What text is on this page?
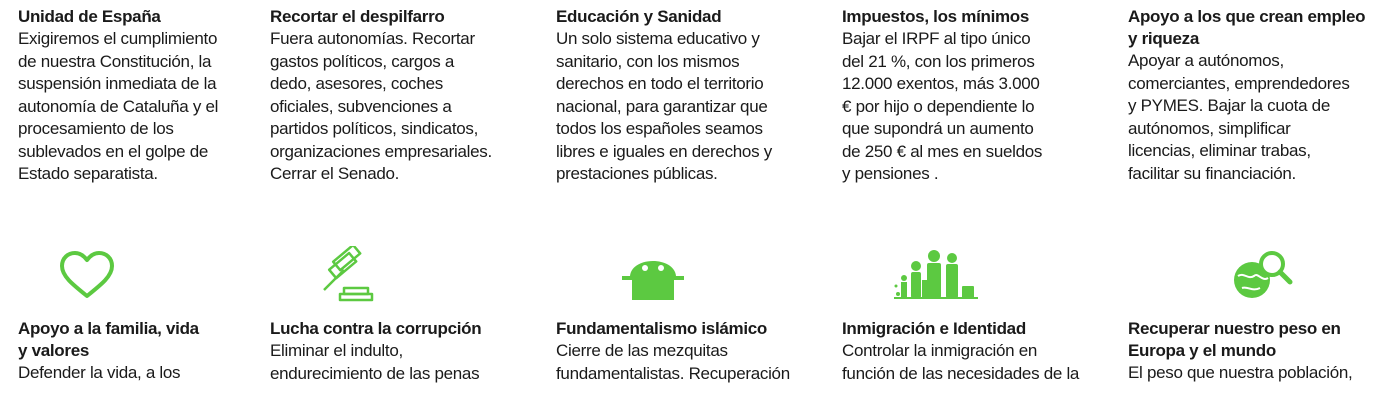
Unidad de España

Exigiremos el cumplimiento
de nuestra Constitución, la
suspensión inmediata de la
autonomía de Cataluña y el
procesamiento de los
sublevados en el golpe de
Estado separatista.

Apoyo a la familia, vida
y valores

Defender la vida, a los

Recortar el despilfarro

Fuera autonomías. Recortar
gastos políticos, cargos a
dedo, asesores, coches
oficiales, subvenciones a
partidos políticos, sindicatos,
organizaciones empresariales.
Cerrar el Senado.

Lucha contra la corrupción

Eliminar el indulto,
endurecimiento de las penas

Educación y Sanidad

Un solo sistema educativo y
sanitario, con los mismos
derechos en todo el territorio
nacional, para garantizar que
todos los españoles seamos
libres e iguales en derechos y
prestaciones públicas.

Fundamentalismo islámico

Cierre de las mezquitas
fundamentalistas. Recuperación

Impuestos, los mínimos

Bajar el IRPF al tipo único
del 21 %, con los primeros
12.000 exentos, más 3.000
€ por hijo o dependiente lo
que supondrá un aumento
de 250 € al mes en sueldos
y pensiones .

Inmigración e Identidad

Controlar la inmigración en
función de las necesidades de la

Apoyo a los que crean empleo
y riqueza

Apoyar a autónomos,
comerciantes, emprendedores
y PYMES. Bajar la cuota de
autónomos, simplificar
licencias, eliminar trabas,
facilitar su financiación.

Recuperar nuestro peso en
Europa y el mundo

El peso que nuestra población,
